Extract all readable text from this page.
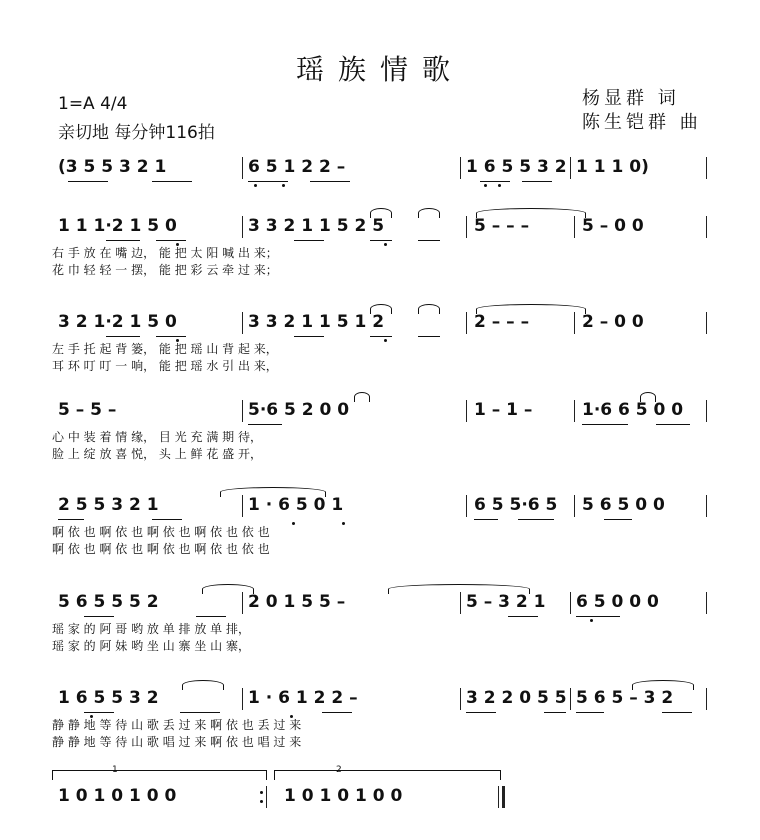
瑶族情歌
1=A 4/4
亲切地 每分钟116拍
杨显群 词
陈生铠群 曲
(3 5 5 3 2 1	6 5 1 2 2 –	1 6 5 5 3 2 1 1 1 0)
1 1 1·2 1 5 0	3 3 2 1 1 5 2 5	5 – – –	5 – 0 0
右 手 放 在 嘴 边， 能 把 太 阳 喊 出 来；
花 巾 轻 轻 一 摆， 能 把 彩 云 牵 过 来；
3 2 1·2 1 5 0	3 3 2 1 1 5 1 2	2 – – –	2 – 0 0
左 手 托 起 背 篓， 能 把 瑶 山 背 起 来，
耳 环 叮 叮 一 响， 能 把 瑶 水 引 出 来，
5 – 5 –	5·6 5 2 0 0	1 – 1 –	1·6 6 5 0 0
心 中 装 着 情 缘， 目 光 充 满 期 待，
脸 上 绽 放 喜 悦， 头 上 鲜 花 盛 开，
2 5 5 3 2 1	1 · 6 5 0 1	6 5 5·6 5 5 6 5 0 0
啊 依 也 啊 依 也 啊 依 也 啊 依 也 依 也
啊 依 也 啊 依 也 啊 依 也 啊 依 也 依 也
5 6 5 5 5 2	2 0 1 5 5 –	5 – 3 2 1 6 5 0 0 0
瑶 家 的 阿 哥 哟 放 单 排 放 单 排，
瑶 家 的 阿 妹 哟 坐 山 寨 坐 山 寨，
1 6 5 5 3 2	1 · 6 1 2 2 –	3 2 2 0 5 5 5 6 5 – 3 2
静 静 地 等 待 山 歌 丢 过 来 啊 依 也 丢 过 来
静 静 地 等 待 山 歌 唱 过 来 啊 依 也 唱 过 来
1	2
1 0 1 0 1 0 0	1 0 1 0 1 0 0
